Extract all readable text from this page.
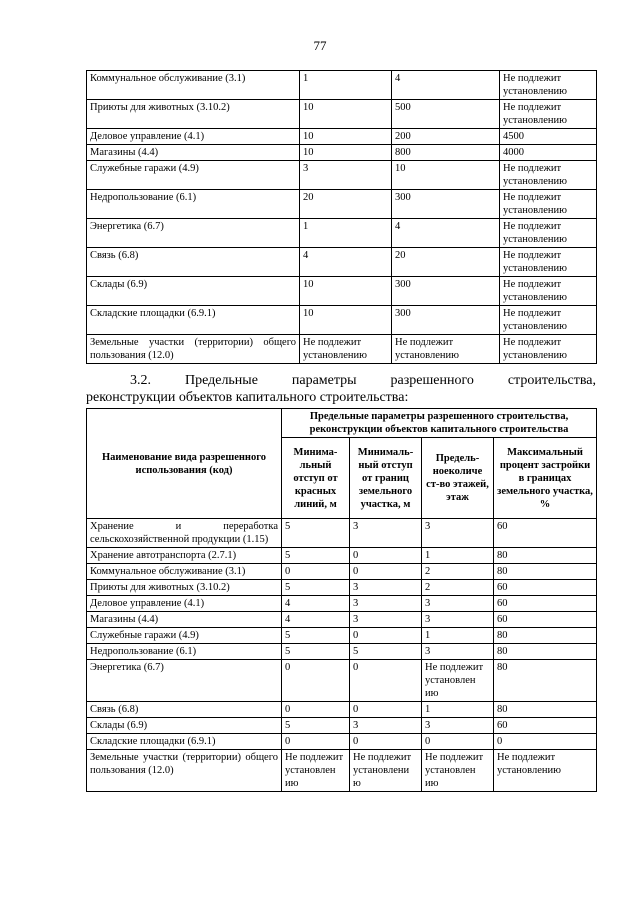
77
Коммунальное обслуживание (3.1)	1	4	Не подлежит установлению
Приюты для животных (3.10.2)	10	500	Не подлежит установлению
Деловое управление (4.1)	10	200	4500
Магазины (4.4)	10	800	4000
Служебные гаражи (4.9)	3	10	Не подлежит установлению
Недропользование (6.1)	20	300	Не подлежит установлению
Энергетика (6.7)	1	4	Не подлежит установлению
Связь (6.8)	4	20	Не подлежит установлению
Склады (6.9)	10	300	Не подлежит установлению
Складские площадки (6.9.1)	10	300	Не подлежит установлению
Земельные участки (территории) общего пользования (12.0)	Не подлежит установлению	Не подлежит установлению	Не подлежит установлению
3.2. Предельные параметры разрешенного строительства,
реконструкции объектов капитального строительства:
Наименование вида разрешенного использования (код)	Предельные параметры разрешенного строительства, реконструкции объектов капитального строительства			
	Минима-льный отступ от красных линий, м	Минималь-ный отступ от границ земельного участка, м	Предель-ноеколиче ст-во этажей, этаж	Максимальный процент застройки в границах земельного участка, %
Хранение и переработка сельскохозяйственной продукции (1.15)	5	3	3	60
Хранение автотранспорта (2.7.1)	5	0	1	80
Коммунальное обслуживание (3.1)	0	0	2	80
Приюты для животных (3.10.2)	5	3	2	60
Деловое управление (4.1)	4	3	3	60
Магазины (4.4)	4	3	3	60
Служебные гаражи (4.9)	5	0	1	80
Недропользование (6.1)	5	5	3	80
Энергетика (6.7)	0	0	Не подлежит установлен ию	80
Связь (6.8)	0	0	1	80
Склады (6.9)	5	3	3	60
Складские площадки (6.9.1)	0	0	0	0
Земельные участки (территории) общего пользования (12.0)	Не подлежит установлен ию	Не подлежит установлени ю	Не подлежит установлен ию	Не подлежит установлению
